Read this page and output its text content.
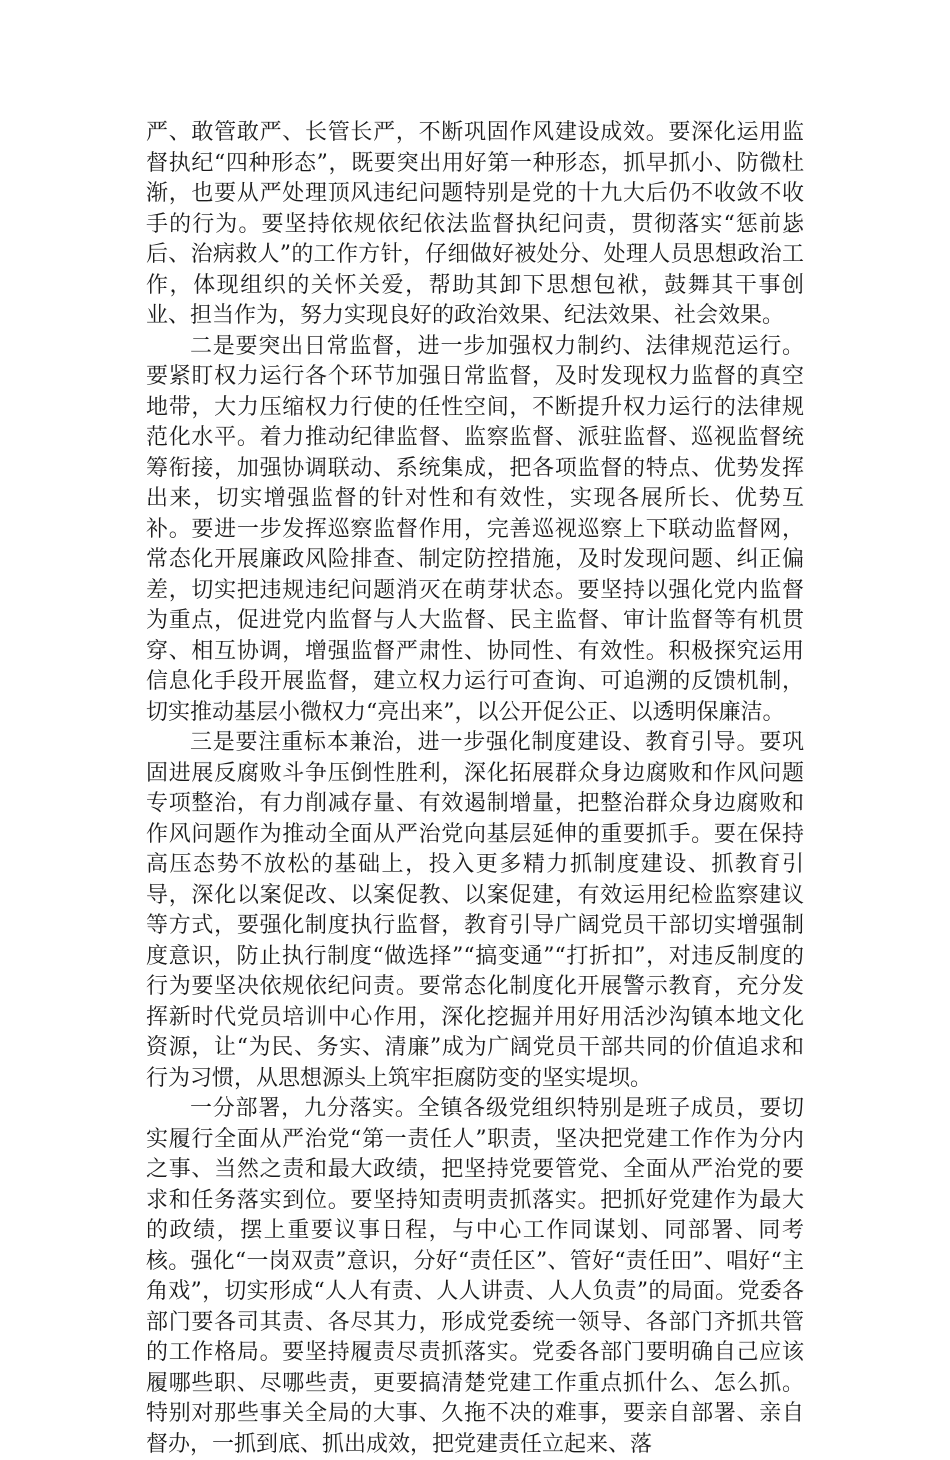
严、敢管敢严、长管长严，不断巩固作风建设成效。要深化运用监督执纪“四种形态”，既要突出用好第一种形态，抓早抓小、防微杜渐，也要从严处理顶风违纪问题特别是党的十九大后仍不收敛不收手的行为。要坚持依规依纪依法监督执纪问责，贯彻落实“惩前毖后、治病救人”的工作方针，仔细做好被处分、处理人员思想政治工作，体现组织的关怀关爱，帮助其卸下思想包袱，鼓舞其干事创业、担当作为，努力实现良好的政治效果、纪法效果、社会效果。

二是要突出日常监督，进一步加强权力制约、法律规范运行。要紧盯权力运行各个环节加强日常监督，及时发现权力监督的真空地带，大力压缩权力行使的任性空间，不断提升权力运行的法律规范化水平。着力推动纪律监督、监察监督、派驻监督、巡视监督统筹衔接，加强协调联动、系统集成，把各项监督的特点、优势发挥出来，切实增强监督的针对性和有效性，实现各展所长、优势互补。要进一步发挥巡察监督作用，完善巡视巡察上下联动监督网，常态化开展廉政风险排查、制定防控措施，及时发现问题、纠正偏差，切实把违规违纪问题消灭在萌芽状态。要坚持以强化党内监督为重点，促进党内监督与人大监督、民主监督、审计监督等有机贯穿、相互协调，增强监督严肃性、协同性、有效性。积极探究运用信息化手段开展监督，建立权力运行可查询、可追溯的反馈机制，切实推动基层小微权力“亮出来”，以公开促公正、以透明保廉洁。

三是要注重标本兼治，进一步强化制度建设、教育引导。要巩固进展反腐败斗争压倒性胜利，深化拓展群众身边腐败和作风问题专项整治，有力削减存量、有效遏制增量，把整治群众身边腐败和作风问题作为推动全面从严治党向基层延伸的重要抓手。要在保持高压态势不放松的基础上，投入更多精力抓制度建设、抓教育引导，深化以案促改、以案促教、以案促建，有效运用纪检监察建议等方式，要强化制度执行监督，教育引导广阔党员干部切实增强制度意识，防止执行制度“做选择”“搞变通”“打折扣”，对违反制度的行为要坚决依规依纪问责。要常态化制度化开展警示教育，充分发挥新时代党员培训中心作用，深化挖掘并用好用活沙沟镇本地文化资源，让“为民、务实、清廉”成为广阔党员干部共同的价值追求和行为习惯，从思想源头上筑牢拒腐防变的坚实堤坝。

一分部署，九分落实。全镇各级党组织特别是班子成员，要切实履行全面从严治党“第一责任人”职责，坚决把党建工作作为分内之事、当然之责和最大政绩，把坚持党要管党、全面从严治党的要求和任务落实到位。要坚持知责明责抓落实。把抓好党建作为最大的政绩，摆上重要议事日程，与中心工作同谋划、同部署、同考核。强化“一岗双责”意识，分好“责任区”、管好“责任田”、唱好“主角戏”，切实形成“人人有责、人人讲责、人人负责”的局面。党委各部门要各司其责、各尽其力，形成党委统一领导、各部门齐抓共管的工作格局。要坚持履责尽责抓落实。党委各部门要明确自己应该履哪些职、尽哪些责，更要搞清楚党建工作重点抓什么、怎么抓。特别对那些事关全局的大事、久拖不决的难事，要亲自部署、亲自督办，一抓到底、抓出成效，把党建责任立起来、落
